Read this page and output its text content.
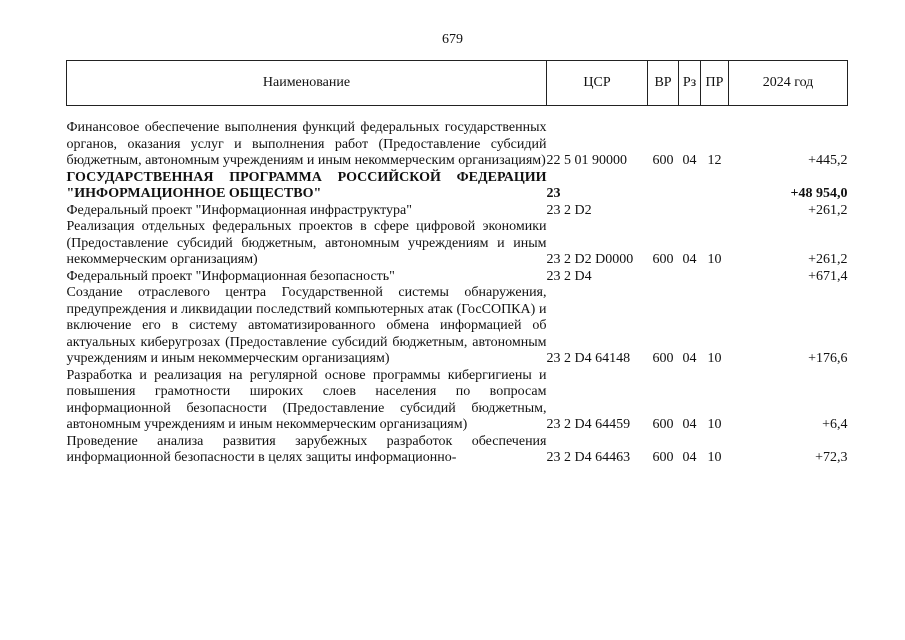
679
Наименование	ЦСР	ВР	Рз	ПР	2024 год

Финансовое обеспечение выполнения функций федеральных государственных органов, оказания услуг и выполнения работ (Предоставление субсидий бюджетным, автономным учреждениям и иным некоммерческим организациям)	22 5 01 90000	600	04	12	+445,2
ГОСУДАРСТВЕННАЯ ПРОГРАММА РОССИЙСКОЙ ФЕДЕРАЦИИ "ИНФОРМАЦИОННОЕ ОБЩЕСТВО"	23				+48 954,0
Федеральный проект "Информационная инфраструктура"	23 2 D2				+261,2
Реализация отдельных федеральных проектов в сфере цифровой экономики (Предоставление субсидий бюджетным, автономным учреждениям и иным некоммерческим организациям)	23 2 D2 D0000	600	04	10	+261,2
Федеральный проект "Информационная безопасность"	23 2 D4				+671,4
Создание отраслевого центра Государственной системы обнаружения, предупреждения и ликвидации последствий компьютерных атак (ГосСОПКА) и включение его в систему автоматизированного обмена информацией об актуальных киберугрозах (Предоставление субсидий бюджетным, автономным учреждениям и иным некоммерческим организациям)	23 2 D4 64148	600	04	10	+176,6
Разработка и реализация на регулярной основе программы кибергигиены и повышения грамотности широких слоев населения по вопросам информационной безопасности (Предоставление субсидий бюджетным, автономным учреждениям и иным некоммерческим организациям)	23 2 D4 64459	600	04	10	+6,4
Проведение анализа развития зарубежных разработок обеспечения информационной безопасности в целях защиты информационно-	23 2 D4 64463	600	04	10	+72,3
